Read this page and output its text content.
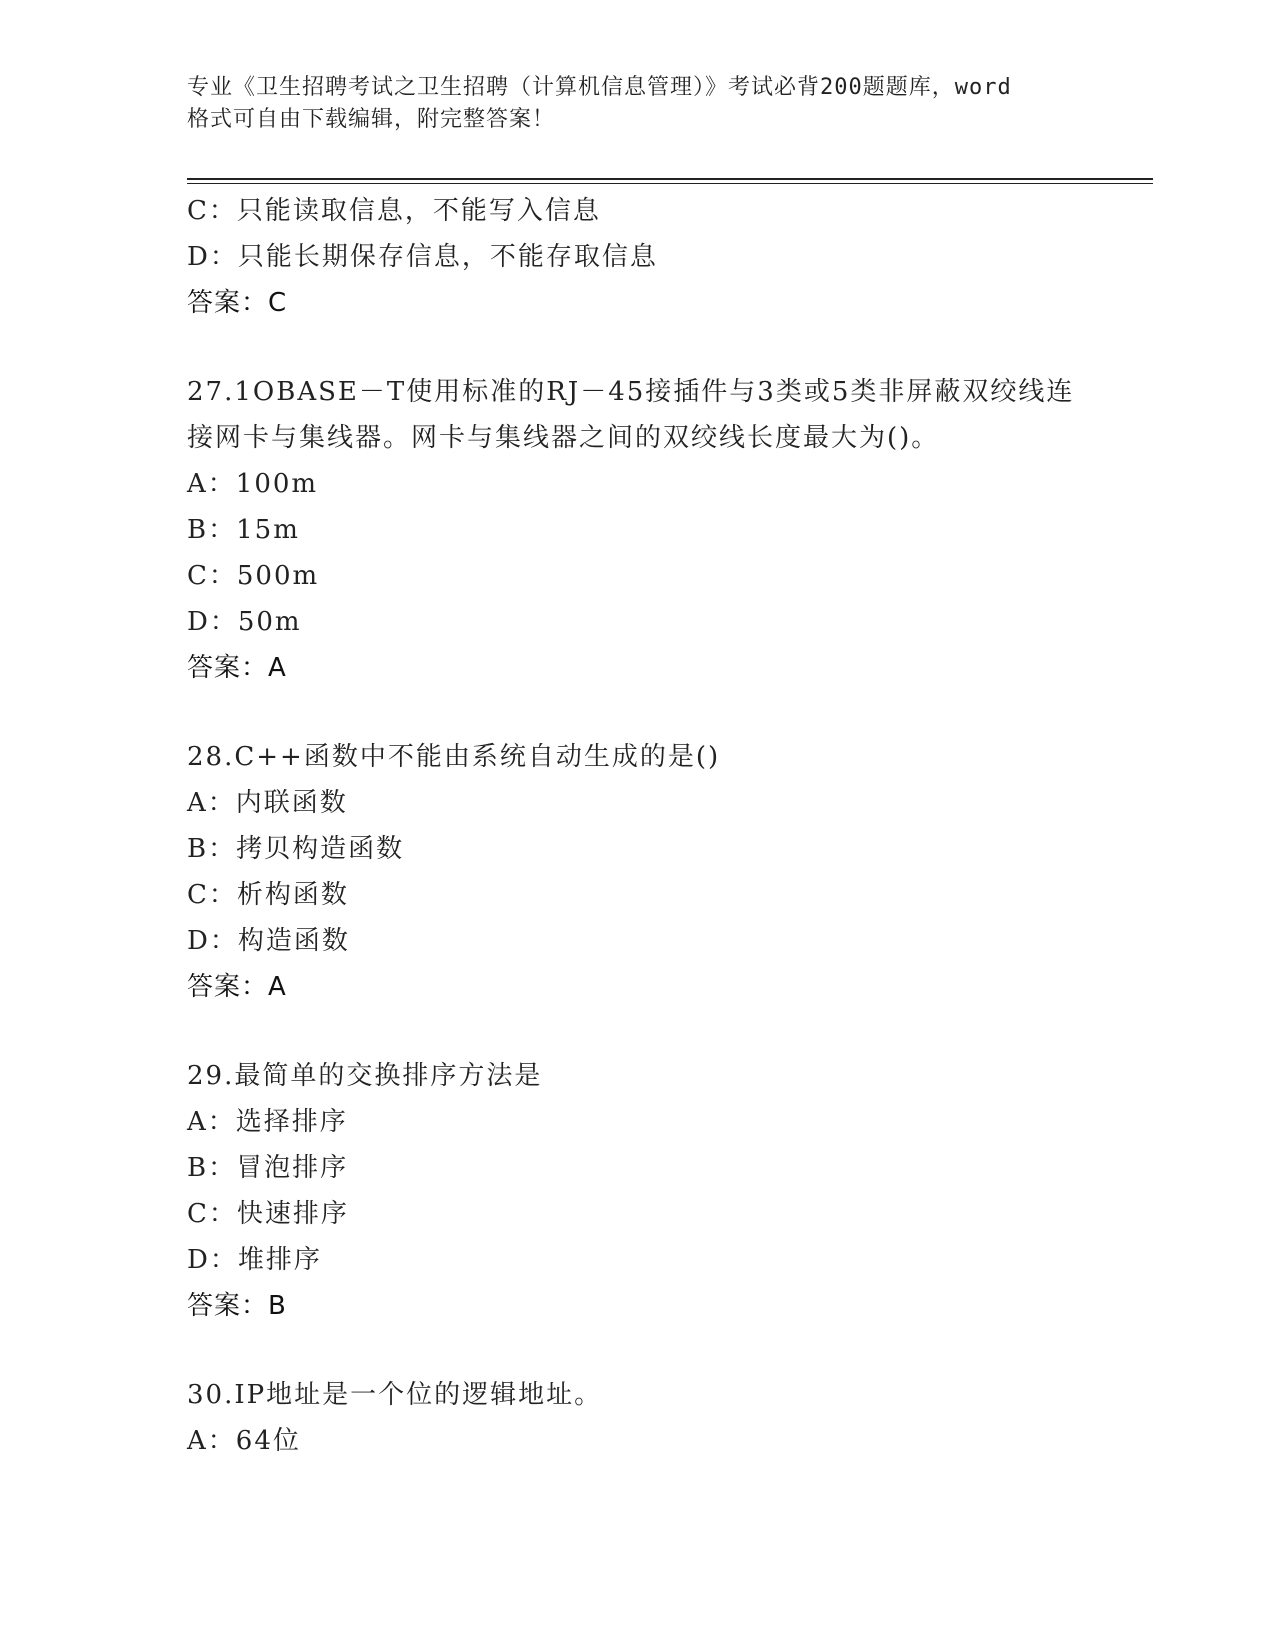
专业《卫生招聘考试之卫生招聘（计算机信息管理）》考试必背200题题库，word
格式可自由下载编辑，附完整答案！
C：只能读取信息，不能写入信息
D：只能长期保存信息，不能存取信息
答案：C
27.1OBASE－T使用标准的RJ－45接插件与3类或5类非屏蔽双绞线连
接网卡与集线器。网卡与集线器之间的双绞线长度最大为()。
A：100m
B：15m
C：500m
D：50m
答案：A
28.C++函数中不能由系统自动生成的是()
A：内联函数
B：拷贝构造函数
C：析构函数
D：构造函数
答案：A
29.最简单的交换排序方法是
A：选择排序
B：冒泡排序
C：快速排序
D：堆排序
答案：B
30.IP地址是一个位的逻辑地址。
A：64位
